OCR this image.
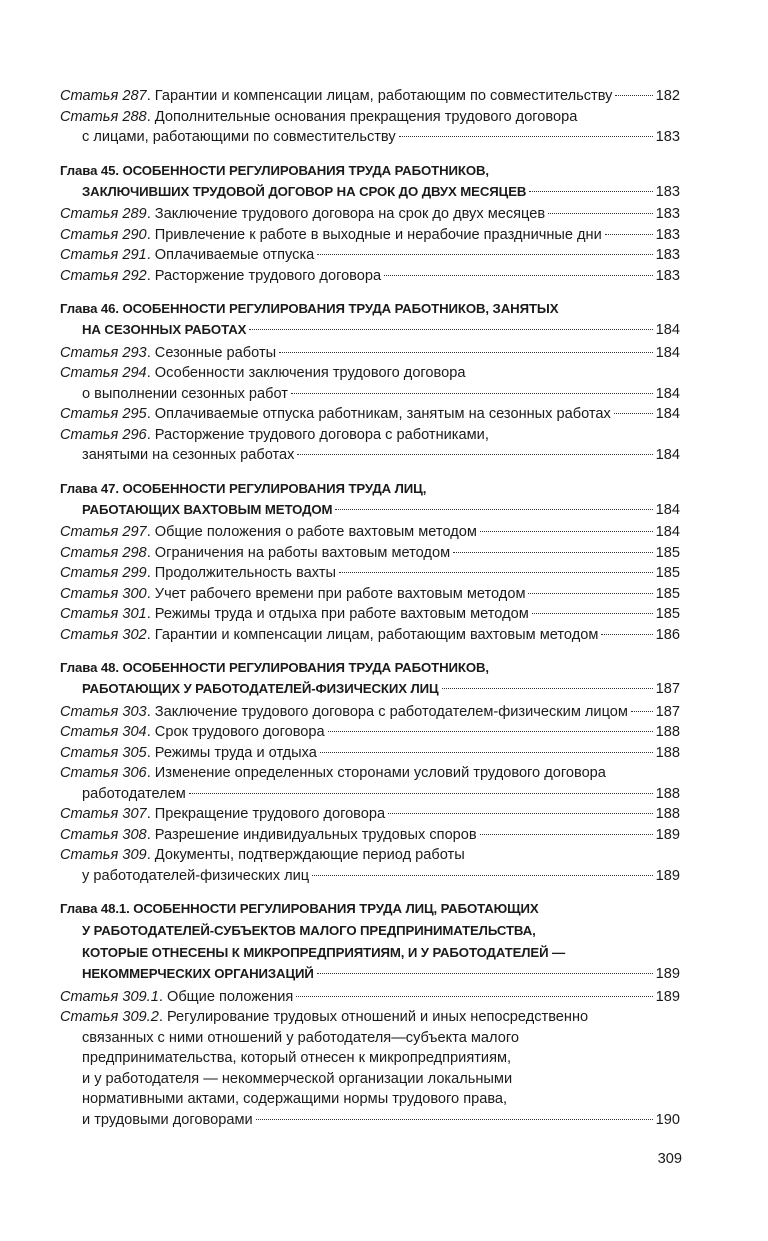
Статья 287. Гарантии и компенсации лицам, работающим по совместительству	182
Статья 288. Дополнительные основания прекращения трудового договора
с лицами, работающими по совместительству	183
Глава 45. ОСОБЕННОСТИ РЕГУЛИРОВАНИЯ ТРУДА РАБОТНИКОВ,
ЗАКЛЮЧИВШИХ ТРУДОВОЙ ДОГОВОР НА СРОК ДО ДВУХ МЕСЯЦЕВ	183
Статья 289. Заключение трудового договора на срок до двух месяцев	183
Статья 290. Привлечение к работе в выходные и нерабочие праздничные дни	183
Статья 291. Оплачиваемые отпуска	183
Статья 292. Расторжение трудового договора	183
Глава 46. ОСОБЕННОСТИ РЕГУЛИРОВАНИЯ ТРУДА РАБОТНИКОВ, ЗАНЯТЫХ
НА СЕЗОННЫХ РАБОТАХ	184
Статья 293. Сезонные работы	184
Статья 294. Особенности заключения трудового договора
о выполнении сезонных работ	184
Статья 295. Оплачиваемые отпуска работникам, занятым на сезонных работах	184
Статья 296. Расторжение трудового договора с работниками,
занятыми на сезонных работах	184
Глава 47. ОСОБЕННОСТИ РЕГУЛИРОВАНИЯ ТРУДА ЛИЦ,
РАБОТАЮЩИХ ВАХТОВЫМ МЕТОДОМ	184
Статья 297. Общие положения о работе вахтовым методом	184
Статья 298. Ограничения на работы вахтовым методом	185
Статья 299. Продолжительность вахты	185
Статья 300. Учет рабочего времени при работе вахтовым методом	185
Статья 301. Режимы труда и отдыха при работе вахтовым методом	185
Статья 302. Гарантии и компенсации лицам, работающим вахтовым методом	186
Глава 48. ОСОБЕННОСТИ РЕГУЛИРОВАНИЯ ТРУДА РАБОТНИКОВ,
РАБОТАЮЩИХ У РАБОТОДАТЕЛЕЙ-ФИЗИЧЕСКИХ ЛИЦ	187
Статья 303. Заключение трудового договора с работодателем-физическим лицом 187
Статья 304. Срок трудового договора	188
Статья 305. Режимы труда и отдыха	188
Статья 306. Изменение определенных сторонами условий трудового договора
работодателем	188
Статья 307. Прекращение трудового договора	188
Статья 308. Разрешение индивидуальных трудовых споров	189
Статья 309. Документы, подтверждающие период работы
у работодателей-физических лиц	189
Глава 48.1. ОСОБЕННОСТИ РЕГУЛИРОВАНИЯ ТРУДА ЛИЦ, РАБОТАЮЩИХ
У РАБОТОДАТЕЛЕЙ-СУБЪЕКТОВ МАЛОГО ПРЕДПРИНИМАТЕЛЬСТВА,
КОТОРЫЕ ОТНЕСЕНЫ К МИКРОПРЕДПРИЯТИЯМ, И У РАБОТОДАТЕЛЕЙ —
НЕКОММЕРЧЕСКИХ ОРГАНИЗАЦИЙ	189
Статья 309.1. Общие положения	189
Статья 309.2. Регулирование трудовых отношений и иных непосредственно
связанных с ними отношений у работодателя—субъекта малого
предпринимательства, который отнесен к микропредприятиям,
и у работодателя — некоммерческой организации локальными
нормативными актами, содержащими нормы трудового права,
и трудовыми договорами	190
309
